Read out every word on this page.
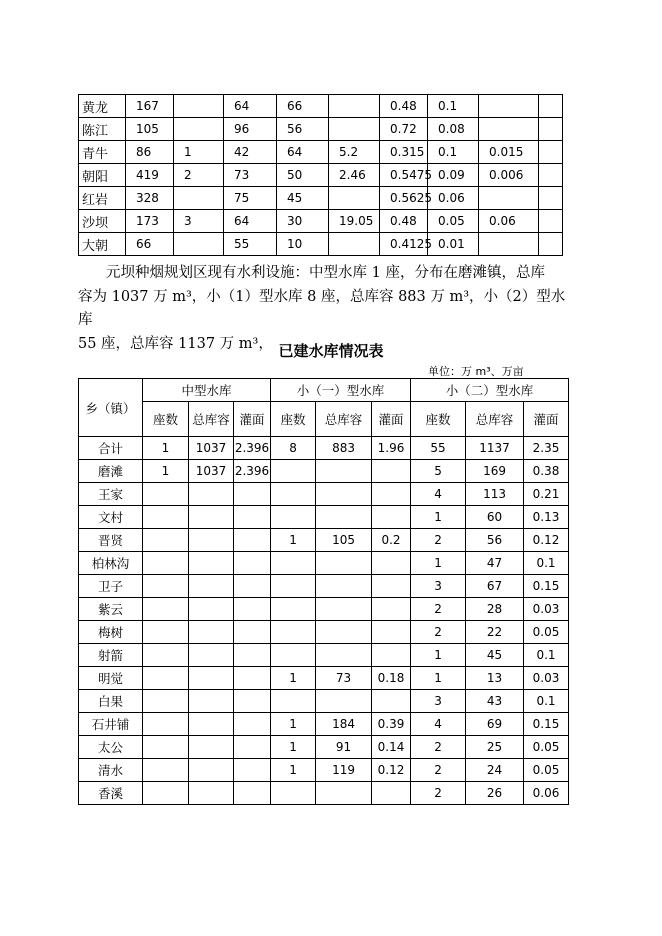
黄龙	167		64	66		0.48	0.1		
陈江	105		96	56		0.72	0.08		
青牛	86	1	42	64	5.2	0.315	0.1	0.015	
朝阳	419	2	73	50	2.46	0.5475	0.09	0.006	
红岩	328		75	45		0.5625	0.06		
沙坝	173	3	64	30	19.05	0.48	0.05	0.06	
大朝	66		55	10		0.4125	0.01		

元坝种烟规划区现有水利设施：中型水库 1 座，分布在磨滩镇，总库
容为 1037 万 m³，小（1）型水库 8 座，总库容 883 万 m³，小（2）型水库
55 座，总库容 1137 万 m³， 已建水库情况表
单位：万 m³、万亩
乡（镇）	中型水库			小（一）型水库			小（二）型水库		
	座数	总库容	灌面	座数	总库容	灌面	座数	总库容	灌面
合计	1	1037	2.396	8	883	1.96	55	1137	2.35
磨滩	1	1037	2.396				5	169	0.38
王家							4	113	0.21
文村							1	60	0.13
晋贤				1	105	0.2	2	56	0.12
柏林沟							1	47	0.1
卫子							3	67	0.15
紫云							2	28	0.03
梅树							2	22	0.05
射箭							1	45	0.1
明觉				1	73	0.18	1	13	0.03
白果							3	43	0.1
石井铺				1	184	0.39	4	69	0.15
太公				1	91	0.14	2	25	0.05
清水				1	119	0.12	2	24	0.05
香溪							2	26	0.06
